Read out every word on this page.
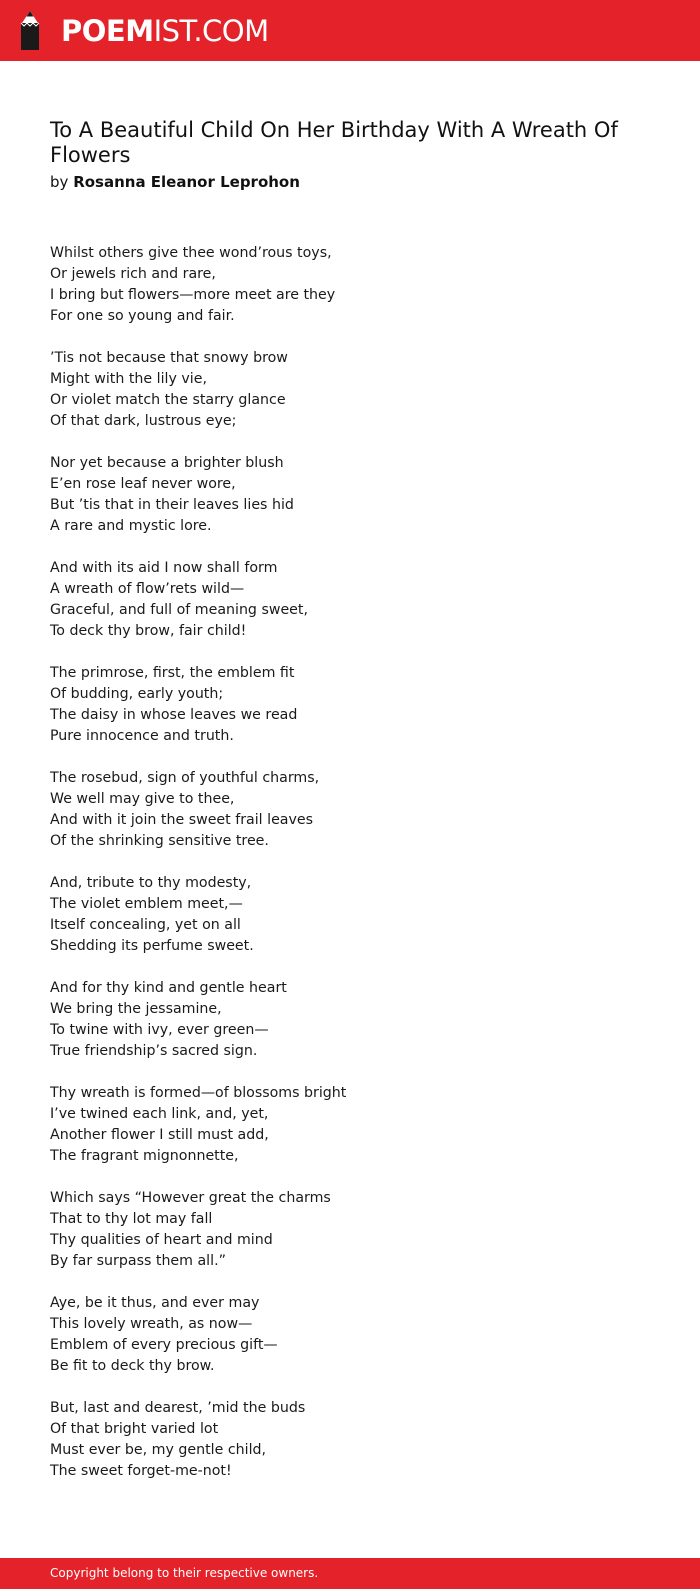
POEMIST.COM
To A Beautiful Child On Her Birthday With A Wreath Of Flowers
by Rosanna Eleanor Leprohon
Whilst others give thee wond’rous toys,
Or jewels rich and rare,
I bring but flowers—more meet are they
For one so young and fair.
’Tis not because that snowy brow
Might with the lily vie,
Or violet match the starry glance
Of that dark, lustrous eye;
Nor yet because a brighter blush
E’en rose leaf never wore,
But ’tis that in their leaves lies hid
A rare and mystic lore.
And with its aid I now shall form
A wreath of flow’rets wild—
Graceful, and full of meaning sweet,
To deck thy brow, fair child!
The primrose, first, the emblem fit
Of budding, early youth;
The daisy in whose leaves we read
Pure innocence and truth.
The rosebud, sign of youthful charms,
We well may give to thee,
And with it join the sweet frail leaves
Of the shrinking sensitive tree.
And, tribute to thy modesty,
The violet emblem meet,—
Itself concealing, yet on all
Shedding its perfume sweet.
And for thy kind and gentle heart
We bring the jessamine,
To twine with ivy, ever green—
True friendship’s sacred sign.
Thy wreath is formed—of blossoms bright
I’ve twined each link, and, yet,
Another flower I still must add,
The fragrant mignonnette,
Which says “However great the charms
That to thy lot may fall
Thy qualities of heart and mind
By far surpass them all.”
Aye, be it thus, and ever may
This lovely wreath, as now—
Emblem of every precious gift—
Be fit to deck thy brow.
But, last and dearest, ’mid the buds
Of that bright varied lot
Must ever be, my gentle child,
The sweet forget-me-not!
Copyright belong to their respective owners.
